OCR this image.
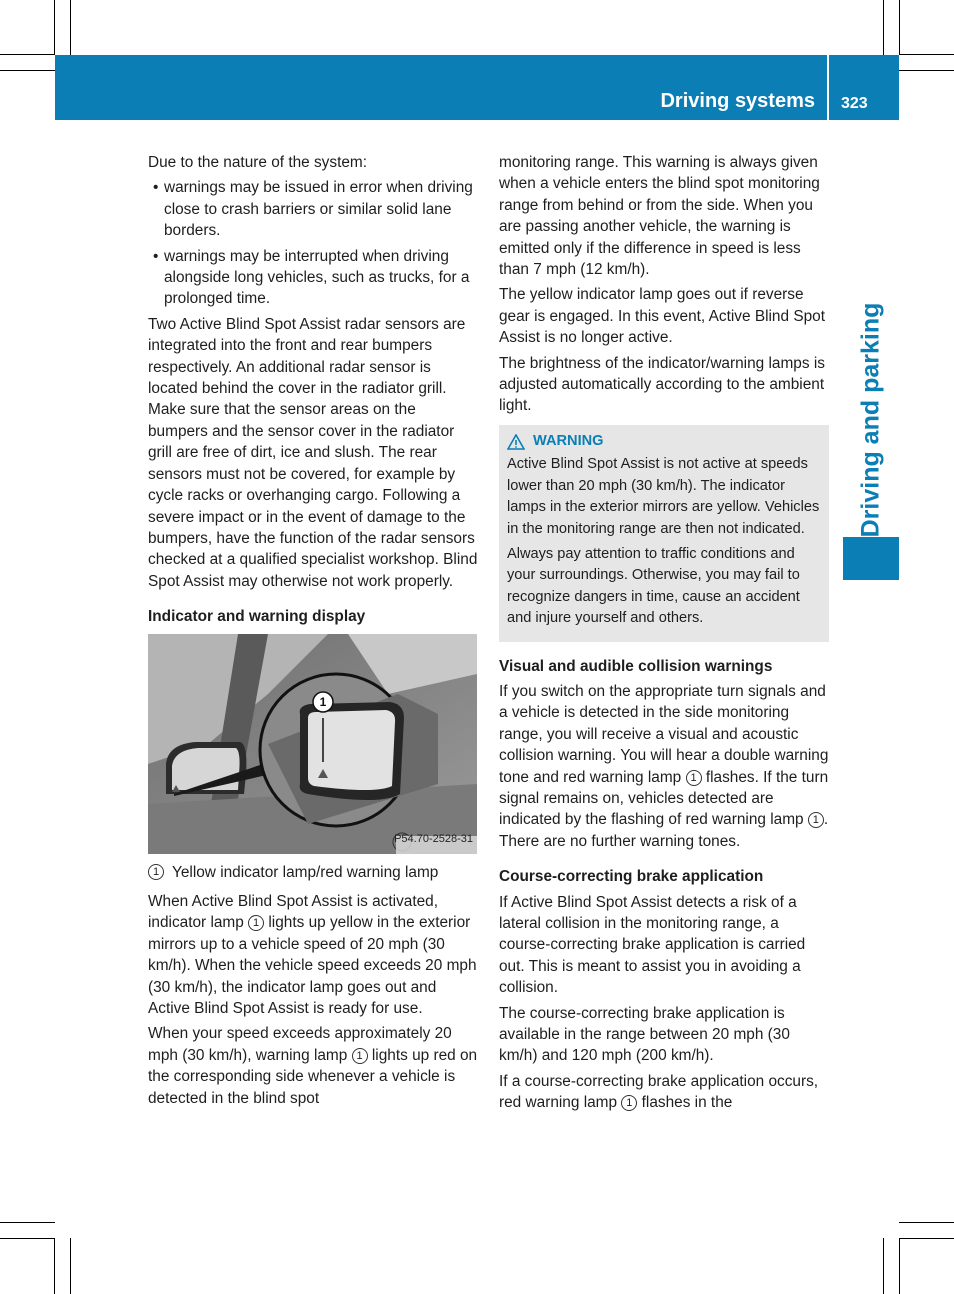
Driving systems 323
Driving and parking

Due to the nature of the system:

• warnings may be issued in error when driving close to crash barriers or similar solid lane borders.
• warnings may be interrupted when driving alongside long vehicles, such as trucks, for a prolonged time.

Two Active Blind Spot Assist radar sensors are integrated into the front and rear bumpers respectively. An additional radar sensor is located behind the cover in the radiator grill. Make sure that the sensor areas on the bumpers and the sensor cover in the radiator grill are free of dirt, ice and slush. The rear sensors must not be covered, for example by cycle racks or overhanging cargo. Following a severe impact or in the event of damage to the bumpers, have the function of the radar sensors checked at a qualified specialist workshop. Blind Spot Assist may otherwise not work properly.

Indicator and warning display
1
P54.70-2528-31
1 Yellow indicator lamp/red warning lamp

When Active Blind Spot Assist is activated, indicator lamp 1 lights up yellow in the exterior mirrors up to a vehicle speed of 20 mph (30 km/h). When the vehicle speed exceeds 20 mph (30 km/h), the indicator lamp goes out and Active Blind Spot Assist is ready for use.

When your speed exceeds approximately 20 mph (30 km/h), warning lamp 1 lights up red on the corresponding side whenever a vehicle is detected in the blind spot

monitoring range. This warning is always given when a vehicle enters the blind spot monitoring range from behind or from the side. When you are passing another vehicle, the warning is emitted only if the difference in speed is less than 7 mph (12 km/h).

The yellow indicator lamp goes out if reverse gear is engaged. In this event, Active Blind Spot Assist is no longer active.

The brightness of the indicator/warning lamps is adjusted automatically according to the ambient light.

WARNING

Active Blind Spot Assist is not active at speeds lower than 20 mph (30 km/h). The indicator lamps in the exterior mirrors are yellow. Vehicles in the monitoring range are then not indicated.

Always pay attention to traffic conditions and your surroundings. Otherwise, you may fail to recognize dangers in time, cause an accident and injure yourself and others.

Visual and audible collision warnings

If you switch on the appropriate turn signals and a vehicle is detected in the side monitoring range, you will receive a visual and acoustic collision warning. You will hear a double warning tone and red warning lamp 1 flashes. If the turn signal remains on, vehicles detected are indicated by the flashing of red warning lamp 1 . There are no further warning tones.

Course-correcting brake application

If Active Blind Spot Assist detects a risk of a lateral collision in the monitoring range, a course-correcting brake application is carried out. This is meant to assist you in avoiding a collision.

The course-correcting brake application is available in the range between 20 mph (30 km/h) and 120 mph (200 km/h).

If a course-correcting brake application occurs, red warning lamp 1 flashes in the
